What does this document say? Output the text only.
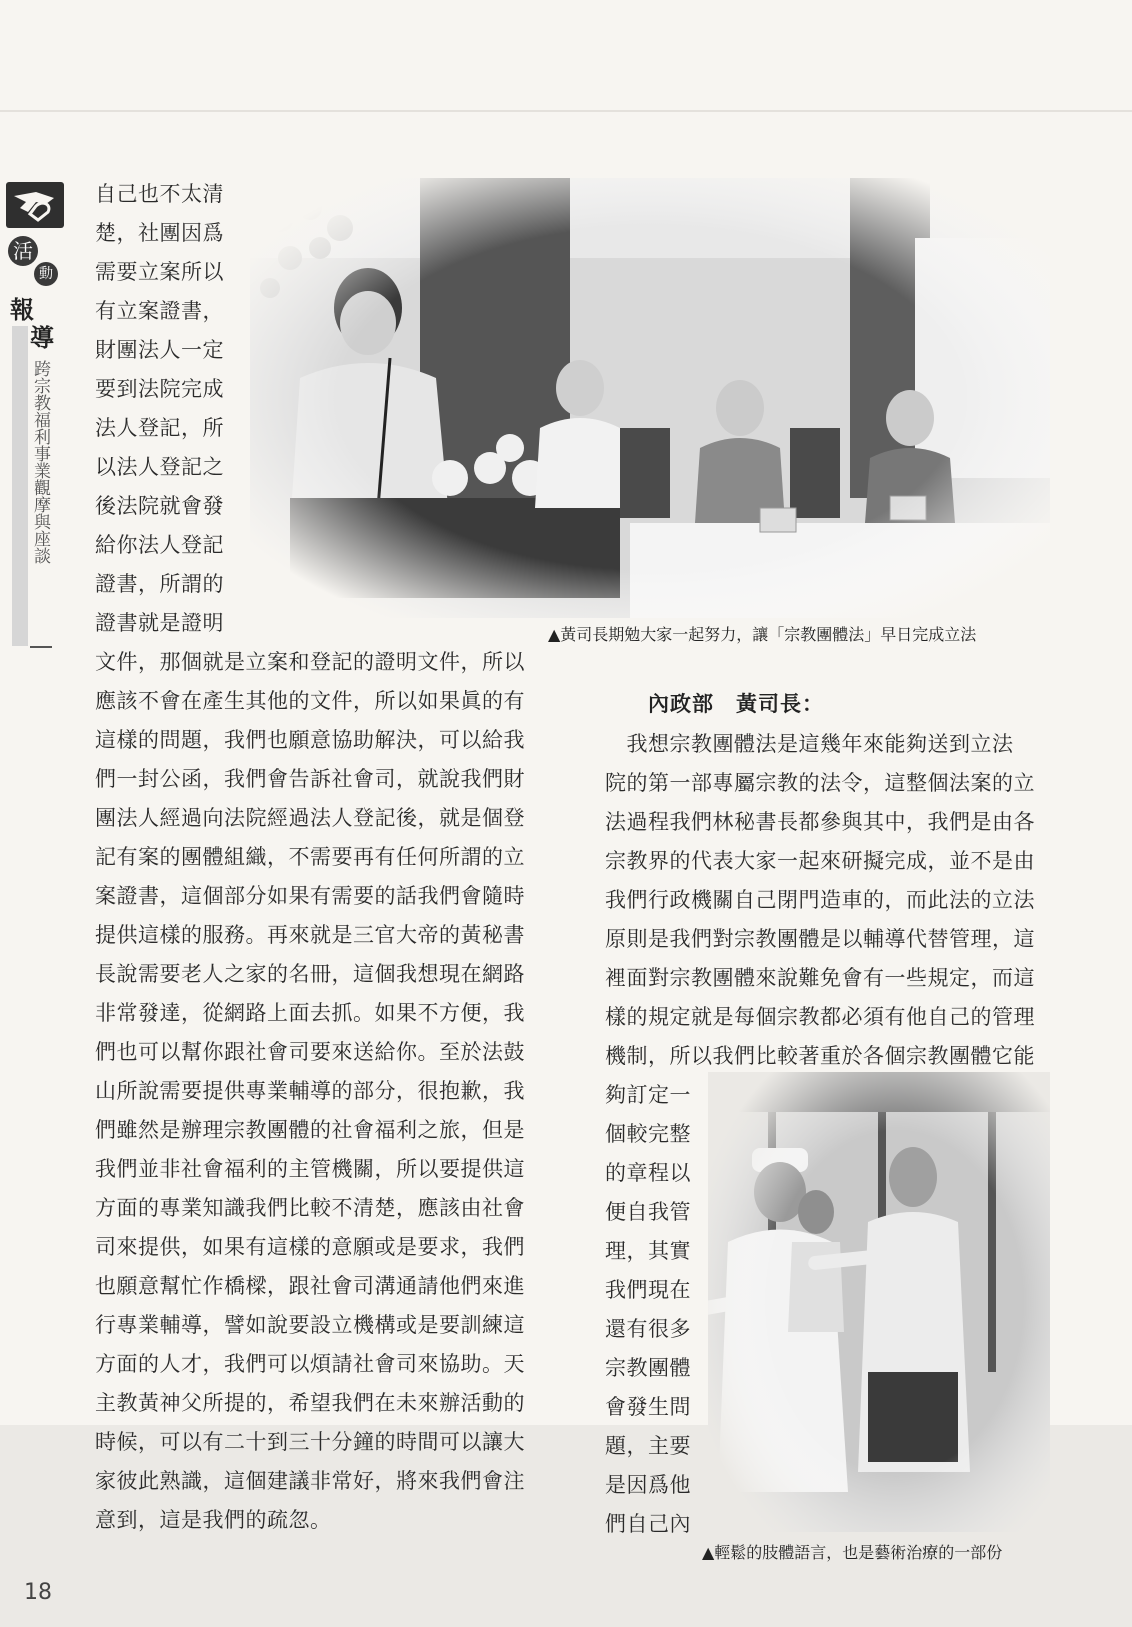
活
動
報
導
跨宗教福利事業觀摩與座談
自己也不太清
楚，社團因爲
需要立案所以
有立案證書，
財團法人一定
要到法院完成
法人登記，所
以法人登記之
後法院就會發
給你法人登記
證書，所謂的
證書就是證明	▲黃司長期勉大家一起努力，讓「宗教團體法」早日完成立法
文件，那個就是立案和登記的證明文件，所以
應該不會在產生其他的文件，所以如果眞的有
這樣的問題，我們也願意協助解決，可以給我
們一封公函，我們會告訴社會司，就說我們財
團法人經過向法院經過法人登記後，就是個登
記有案的團體組織，不需要再有任何所謂的立
案證書，這個部分如果有需要的話我們會隨時
提供這樣的服務。再來就是三官大帝的黃秘書
長說需要老人之家的名冊，這個我想現在網路
非常發達，從網路上面去抓。如果不方便，我
們也可以幫你跟社會司要來送給你。至於法鼓
山所說需要提供專業輔導的部分，很抱歉，我
們雖然是辦理宗教團體的社會福利之旅，但是
我們並非社會福利的主管機關，所以要提供這
方面的專業知識我們比較不清楚，應該由社會
司來提供，如果有這樣的意願或是要求，我們
也願意幫忙作橋樑，跟社會司溝通請他們來進
行專業輔導，譬如說要設立機構或是要訓練這
方面的人才，我們可以煩請社會司來協助。天
主教黃神父所提的，希望我們在未來辦活動的
時候，可以有二十到三十分鐘的時間可以讓大
家彼此熟識，這個建議非常好，將來我們會注
意到，這是我們的疏忽。
內政部　黃司長：
　我想宗教團體法是這幾年來能夠送到立法
院的第一部專屬宗教的法令，這整個法案的立
法過程我們林秘書長都參與其中，我們是由各
宗教界的代表大家一起來研擬完成，並不是由
我們行政機關自己閉門造車的，而此法的立法
原則是我們對宗教團體是以輔導代替管理，這
裡面對宗教團體來說難免會有一些規定，而這
樣的規定就是每個宗教都必須有他自己的管理
機制，所以我們比較著重於各個宗教團體它能
夠訂定一
個較完整
的章程以
便自我管
理，其實
我們現在
還有很多
宗教團體
會發生問
題，主要
是因爲他
們自己內
▲輕鬆的肢體語言，也是藝術治療的一部份
18
